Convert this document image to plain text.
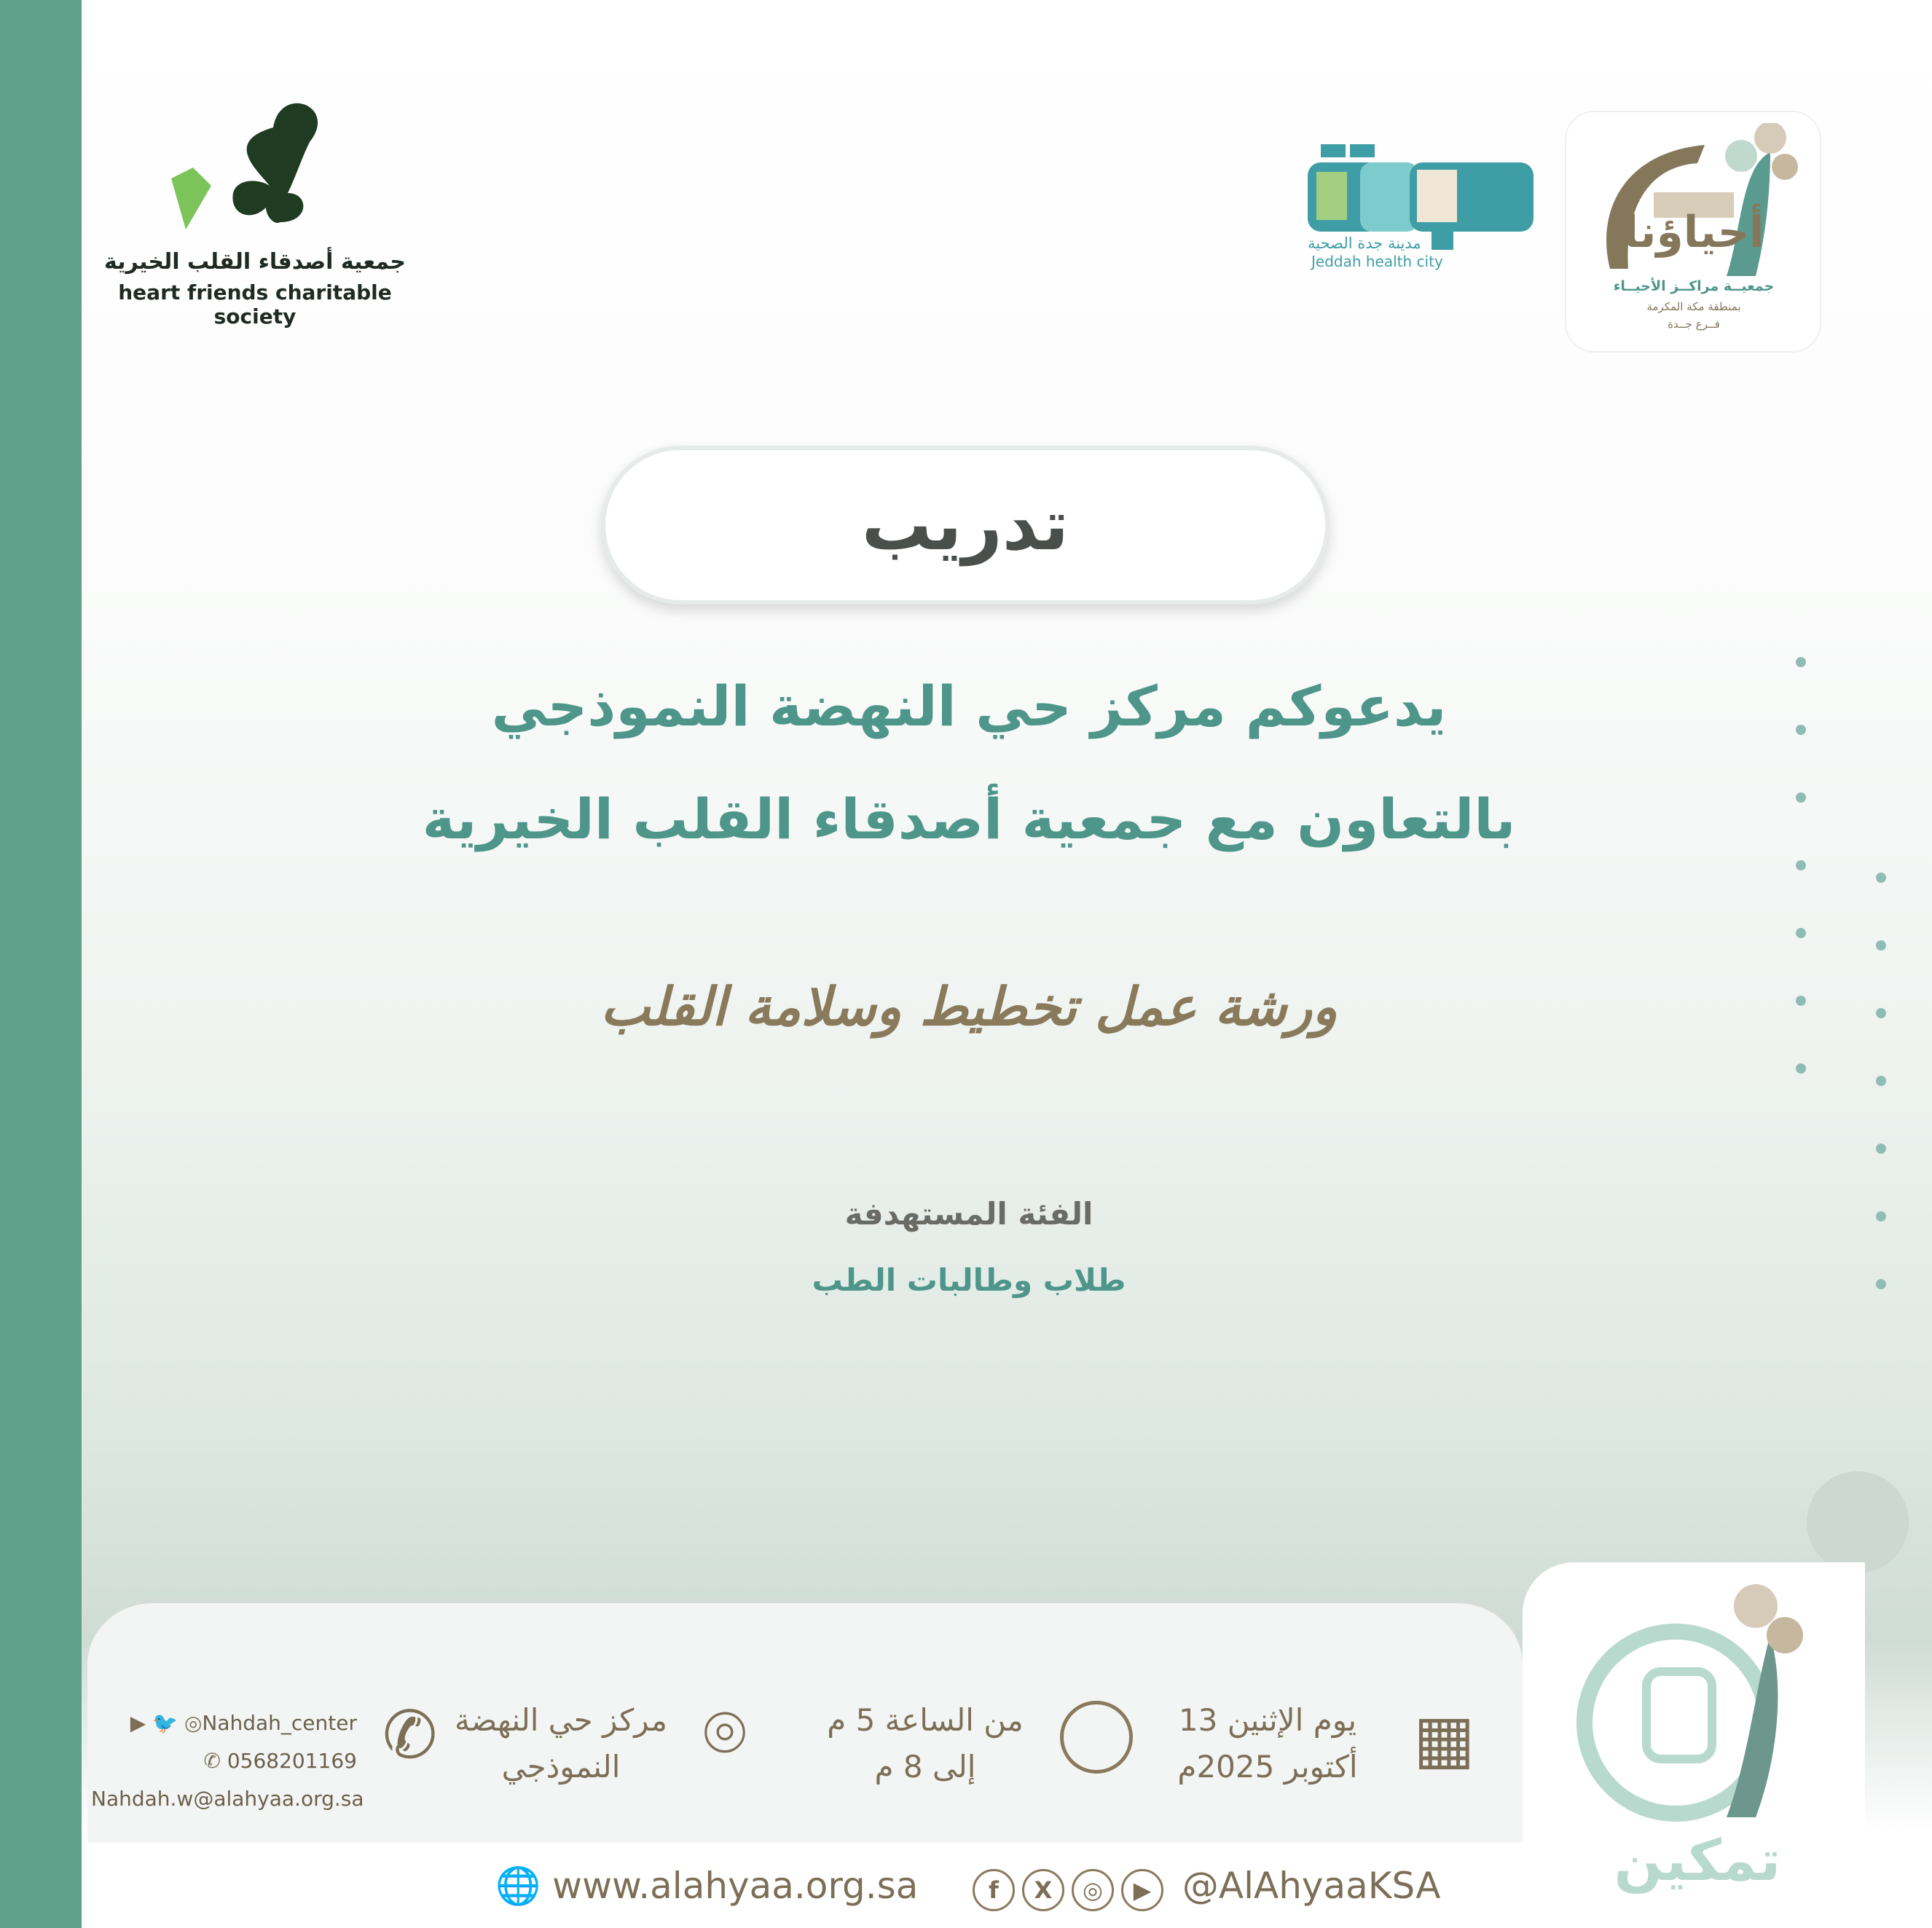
جمعية أصدقاء القلب الخيرية
heart friends charitable society
مدينة جدة الصحية
Jeddah health city
أحياؤنا
جمعيــة مراكــز الأحيــاء
بمنطقة مكة المكرمة
فــرع جــدة
تدريب
يدعوكم مركز حي النهضة النموذجي
بالتعاون مع جمعية أصدقاء القلب الخيرية
ورشة عمل تخطيط وسلامة القلب
الفئة المستهدفة
طلاب وطالبات الطب
▦
يوم الإثنين 13
أكتوبر 2025م
من الساعة 5 م
إلى 8 م
⌾
مركز حي النهضة
النموذجي
✆
▶ 🐦 ◎Nahdah_center
✆ 0568201169
Nahdah.w@alahyaa.org.sa
🌐 www.alahyaa.org.sa	f X ◎ ▶ @AlAhyaaKSA	تمكين
